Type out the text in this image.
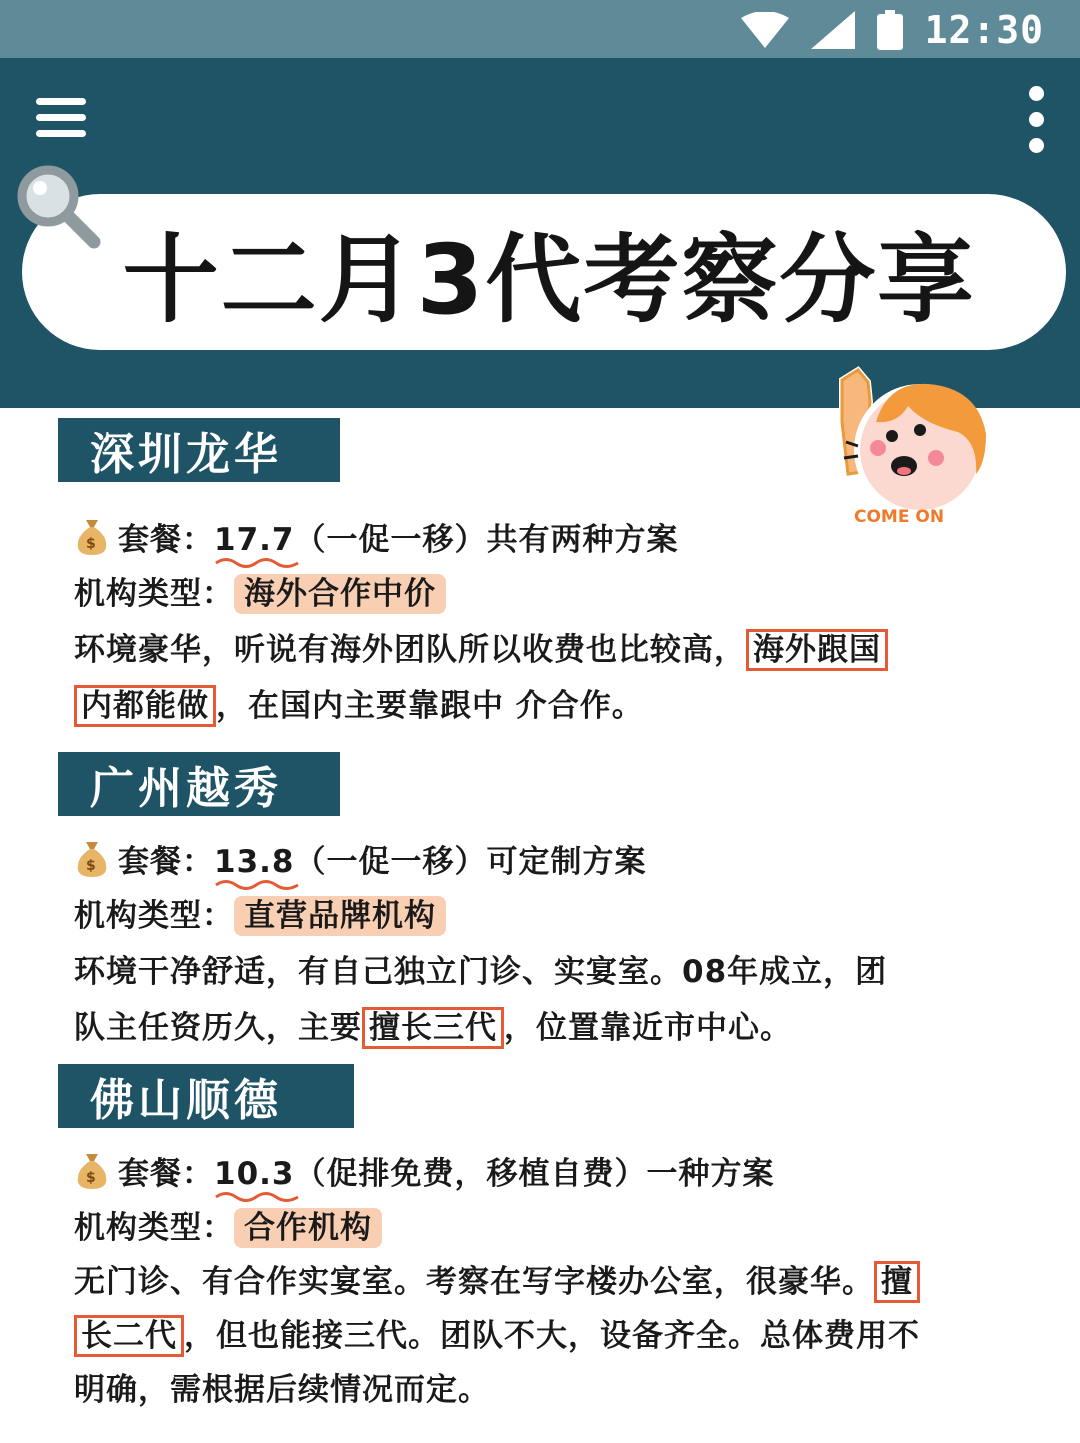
12:30
十二月3代考察分享
COME ON
深圳龙华
$ 套餐：17.7
（一促一移）共有两种方案
机构类型： 海外合作中价
环境豪华，听说有海外团队所以收费也比较高， 海外跟国
内都能做 ，在国内主要靠跟中 介合作。
广州越秀
$ 套餐：13.8
（一促一移）可定制方案
机构类型： 直营品牌机构
环境干净舒适，有自己独立门诊、实宴室。08年成立，团
队主任资历久，主要 擅长三代 ，位置靠近市中心。
佛山顺德
$ 套餐：10.3
（促排免费，移植自费）一种方案
机构类型： 合作机构
无门诊、有合作实宴室。考察在写字楼办公室，很豪华。 擅
长二代 ，但也能接三代。团队不大，设备齐全。总体费用不
明确，需根据后续情况而定。
